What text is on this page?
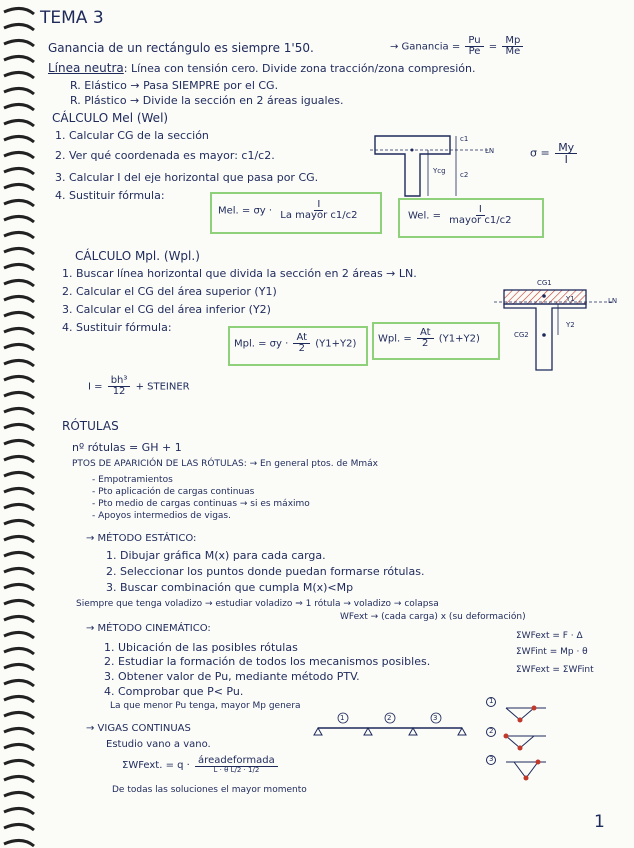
TEMA 3
Ganancia de un rectángulo es siempre 1'50.	→ Ganancia = $\frac{Pu}{Pe} = \frac{Mp}{Me}$
Línea neutra: Línea con tensión cero. Divide zona tracción/zona compresión.
R. Elástico → Pasa SIEMPRE por el CG.
R. Plástico → Divide la sección en 2 áreas iguales.
CÁLCULO Mel (Wel)
1. Calcular CG de la sección
2. Ver qué coordenada es mayor: c1/c2.
3. Calcular I del eje horizontal que pasa por CG.
4. Sustituir fórmula:
c1
c2
Ycg
LN	$\sigma = \frac{My}{I}$
Mel. = $\sigma y \cdot \frac{I}{\text{La mayor c1/c2}}$	Wel. = $\frac{I}{\text{mayor c1/c2}}$
CÁLCULO Mpl. (Wpl.)
1. Buscar línea horizontal que divida la sección en 2 áreas → LN.
2. Calcular el CG del área superior (Y1)
3. Calcular el CG del área inferior (Y2)
4. Sustituir fórmula:
CG1
Y1
Y2
CG2
LN
Mpl. = $\sigma y \cdot \frac{At}{2} (Y1+Y2)$ Wpl. = $\frac{At}{2} (Y1+Y2)$
$I = \frac{\text{bh³}}{12}$ + STEINER
RÓTULAS
nº rótulas = GH + 1
PTOS DE APARICIÓN DE LAS RÓTULAS: → En general ptos. de Mmáx
- Empotramientos
- Pto aplicación de cargas continuas
- Pto medio de cargas continuas → si es máximo
- Apoyos intermedios de vigas.
→ MÉTODO ESTÁTICO:
1. Dibujar gráfica M(x) para cada carga.
2. Seleccionar los puntos donde puedan formarse rótulas.
3. Buscar combinación que cumpla M(x)<Mp
Siempre que tenga voladizo → estudiar voladizo ⇒ 1 rótula → voladizo → colapsa
WFext → (cada carga) x (su deformación)
→ MÉTODO CINEMÁTICO:
1. Ubicación de las posibles rótulas
2. Estudiar la formación de todos los mecanismos posibles.
3. Obtener valor de Pu, mediante método PTV.
4. Comprobar que P< Pu.
La que menor Pu tenga, mayor Mp genera
ΣWFext = F · Δ
ΣWFint = Mp · θ
ΣWFext = ΣWFint
→ VIGAS CONTINUAS
Estudio vano a vano.
ΣWFext. = $q \cdot \frac{\text{áreadeformada}}{\text{L · θ L/2 · 1/2}}$
De todas las soluciones el mayor momento
1	2	3
1
2
3
1
